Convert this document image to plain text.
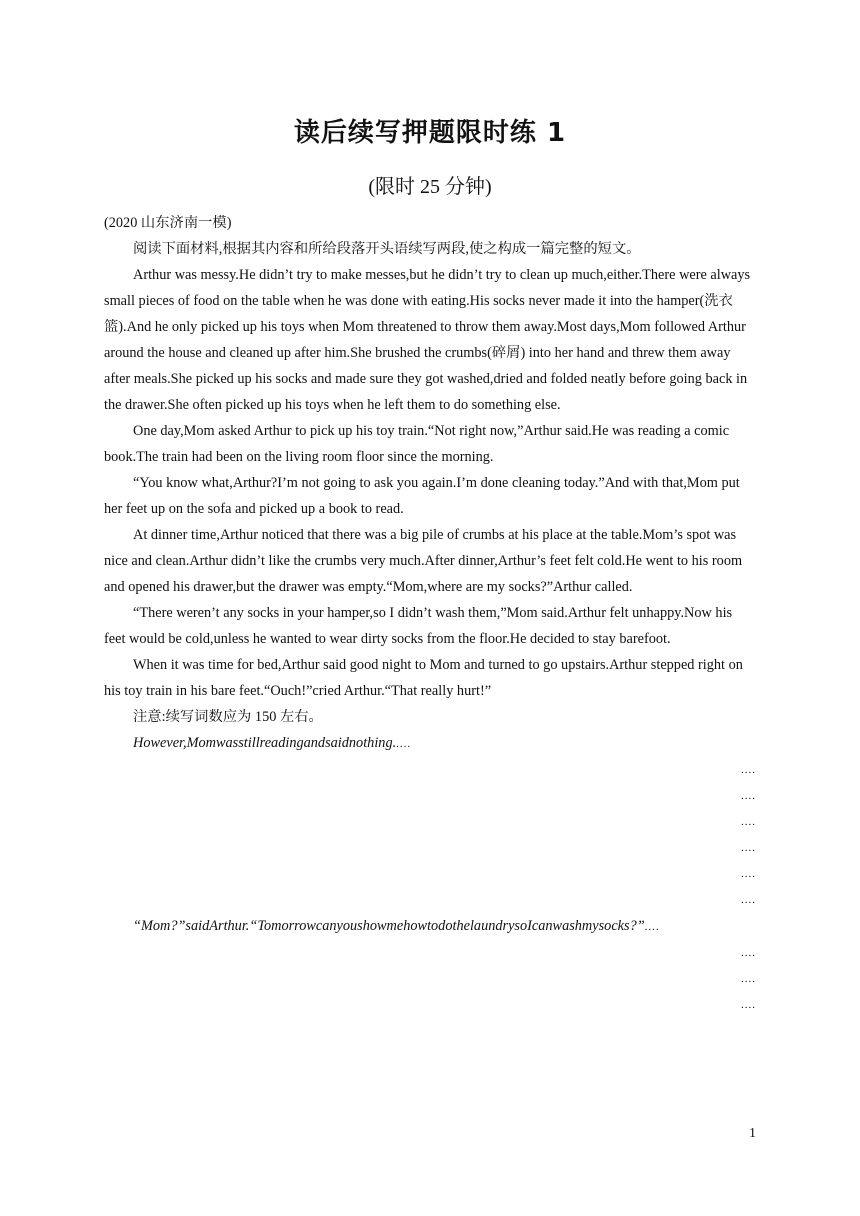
读后续写押题限时练 1
(限时 25 分钟)

(2020 山东济南一模)

阅读下面材料,根据其内容和所给段落开头语续写两段,使之构成一篇完整的短文。

Arthur was messy.He didn’t try to make messes,but he didn’t try to clean up much,either.There were always small pieces of food on the table when he was done with eating.His socks never made it into the hamper(洗衣篮).And he only picked up his toys when Mom threatened to throw them away.Most days,Mom followed Arthur around the house and cleaned up after him.She brushed the crumbs(碎屑) into her hand and threw them away after meals.She picked up his socks and made sure they got washed,dried and folded neatly before going back in the drawer.She often picked up his toys when he left them to do something else.

One day,Mom asked Arthur to pick up his toy train.“Not right now,”Arthur said.He was reading a comic book.The train had been on the living room floor since the morning.

“You know what,Arthur?I’m not going to ask you again.I’m done cleaning today.”And with that,Mom put her feet up on the sofa and picked up a book to read.

At dinner time,Arthur noticed that there was a big pile of crumbs at his place at the table.Mom’s spot was nice and clean.Arthur didn’t like the crumbs very much.After dinner,Arthur’s feet felt cold.He went to his room and opened his drawer,but the drawer was empty.“Mom,where are my socks?”Arthur called.

“There weren’t any socks in your hamper,so I didn’t wash them,”Mom said.Arthur felt unhappy.Now his feet would be cold,unless he wanted to wear dirty socks from the floor.He decided to stay barefoot.

When it was time for bed,Arthur said good night to Mom and turned to go upstairs.Arthur stepped right on his toy train in his bare feet.“Ouch!”cried Arthur.“That really hurt!”

注意:续写词数应为 150 左右。

However,Momwasstillreadingandsaidnothing.....

....
....
....
....
....
....

“Mom?”saidArthur.“TomorrowcanyoushowmehowtodothelaundrysoIcanwashmysocks?”....

....
....
....
1
